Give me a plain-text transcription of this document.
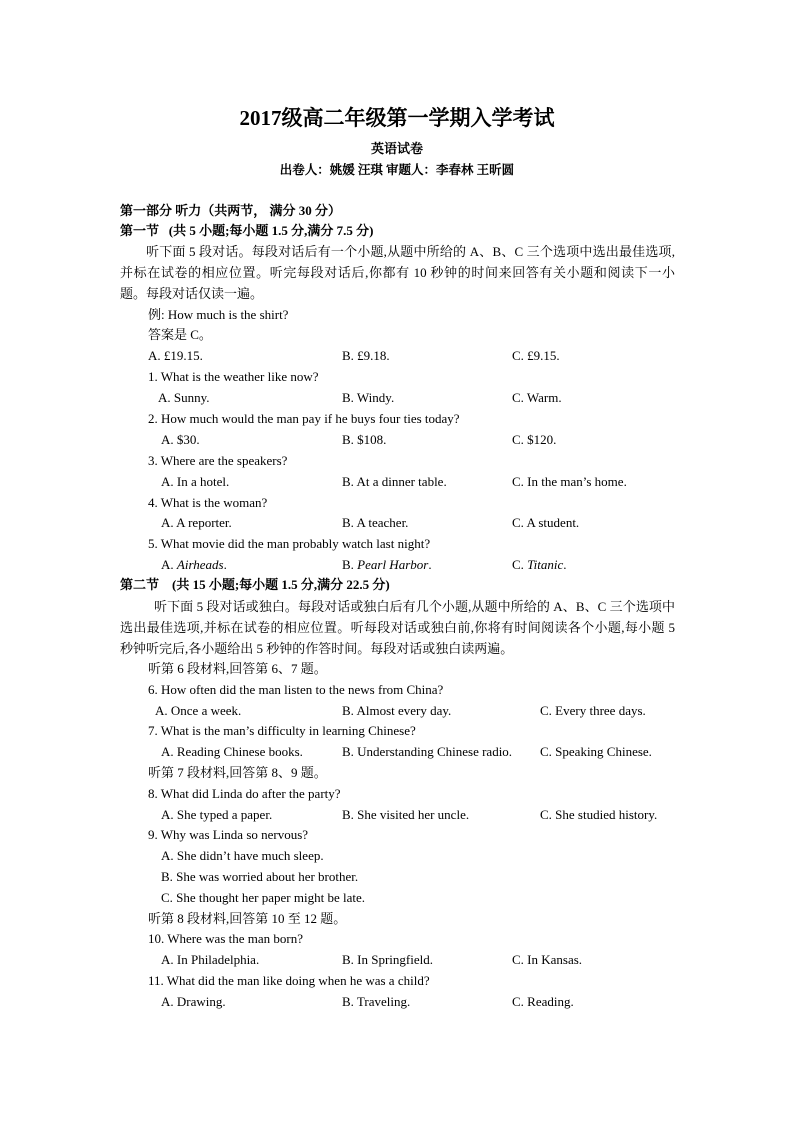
2017级高二年级第一学期入学考试
英语试卷
出卷人：姚媛 汪琪 审题人：李春林 王昕圆
第一部分 听力（共两节， 满分 30 分）
第一节 (共 5 小题;每小题 1.5 分,满分 7.5 分)
听下面 5 段对话。每段对话后有一个小题,从题中所给的 A、B、C 三个选项中选出最佳选项,并标在试卷的相应位置。听完每段对话后,你都有 10 秒钟的时间来回答有关小题和阅读下一小题。每段对话仅读一遍。
例: How much is the shirt?
答案是 C。
A. £19.15.	B. £9.18.	C. £9.15.
1. What is the weather like now?
A. Sunny.	B. Windy.	C. Warm.
2. How much would the man pay if he buys four ties today?
A. $30.	B. $108.	C. $120.
3. Where are the speakers?
A. In a hotel.	B. At a dinner table.	C. In the man’s home.
4. What is the woman?
A. A reporter.	B. A teacher.	C. A student.
5. What movie did the man probably watch last night?
A. Airheads.	B. Pearl Harbor.	C. Titanic.
第二节 (共 15 小题;每小题 1.5 分,满分 22.5 分)
听下面 5 段对话或独白。每段对话或独白后有几个小题,从题中所给的 A、B、C 三个选项中选出最佳选项,并标在试卷的相应位置。听每段对话或独白前,你将有时间阅读各个小题,每小题 5 秒钟听完后,各小题给出 5 秒钟的作答时间。每段对话或独白读两遍。
听第 6 段材料,回答第 6、7 题。
6. How often did the man listen to the news from China?
A. Once a week.	B. Almost every day.	C. Every three days.
7. What is the man’s difficulty in learning Chinese?
A. Reading Chinese books.	B. Understanding Chinese radio. C. Speaking Chinese.
听第 7 段材料,回答第 8、9 题。
8. What did Linda do after the party?
A. She typed a paper.	B. She visited her uncle.	C. She studied history.
9. Why was Linda so nervous?
A. She didn’t have much sleep.
B. She was worried about her brother.
C. She thought her paper might be late.
听第 8 段材料,回答第 10 至 12 题。
10. Where was the man born?
A. In Philadelphia.	B. In Springfield.	C. In Kansas.
11. What did the man like doing when he was a child?
A. Drawing.	B. Traveling.	C. Reading.
